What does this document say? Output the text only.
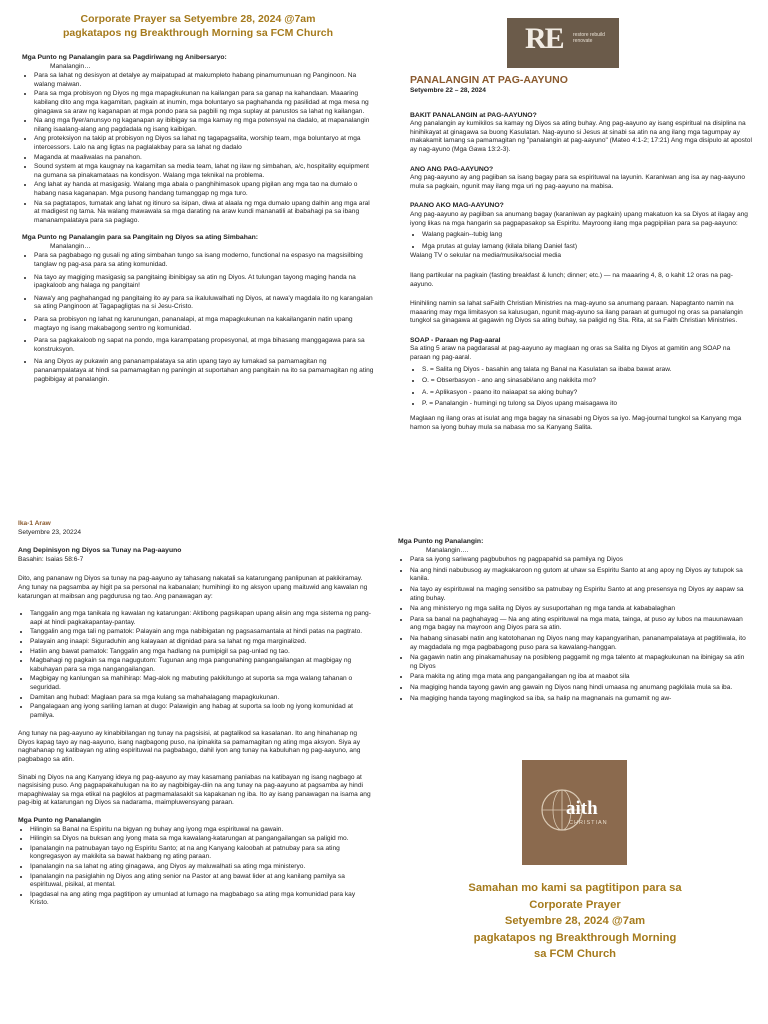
Corporate Prayer sa Setyembre 28, 2024 @7am
pagkatapos ng Breakthrough Morning sa FCM Church
Mga Punto ng Panalangin para sa Pagdiriwang ng Anibersaryo:
Manalangin…
• Para sa lahat ng desisyon at detalye ay maipatupad at makumpleto habang pinamumunuan ng Panginoon. Na walang maiwan.
• Para sa mga probisyon ng Diyos ng mga mapagkukunan na kailangan para sa ganap na kahandaan. Maaaring kabilang dito ang mga kagamitan, pagkain at inumin, mga boluntaryo sa paghahanda ng pasilidad at mga mesa ng ginagawa sa araw ng kaganapan at mga pondo para sa pagbili ng mga suplay at panustos sa lahat ng kailangan.
• Na ang mga flyer/anunsyo ng kaganapan ay ibibigay sa mga kamay ng mga potensyal na dadalo, at mapanalangin nilang isaalang-alang ang pagdadala ng isang kaibigan.
• Ang proteksiyon na takip at probisyon ng Diyos sa lahat ng tagapagsalita, worship team, mga boluntaryo at mga intercessors. Lalo na ang ligtas na paglalakbay para sa lahat ng dadalo
• Maganda at maaliwalas na panahon.
• Sound system at mga kaugnay na kagamitan sa media team, lahat ng ilaw ng simbahan, a/c, hospitality equipment na gumana sa pinakamataas na kondisyon. Walang mga teknikal na problema.
• Ang lahat ay handa at masigasig. Walang mga abala o panghihimasok upang pigilan ang mga tao na dumalo o habang nasa kaganapan. Mga pusong handang tumanggap ng mga turo.
• Na sa pagtatapos, tumatak ang lahat ng itinuro sa isipan, diwa at alaala ng mga dumalo upang dalhin ang mga aral at madigest ng tama. Na walang mawawala sa mga darating na araw kundi mananatili at ibabahagi pa sa ibang mananampalataya para sa paglago.
Mga Punto ng Panalangin para sa Pangitain ng Diyos sa ating Simbahan:
Manalangin…
• Para sa pagbabago ng gusali ng ating simbahan tungo sa isang moderno, functional na espasyo na magsisilbing tanglaw ng pag-asa para sa ating komunidad.
• Na tayo ay magiging masigasig sa pangitaing ibinibigay sa atin ng Diyos. At tulungan tayong maging handa na ipagkaloob ang halaga ng pangitain!
• Nawa'y ang paghahangad ng pangitaing ito ay para sa ikaluluwalhati ng Diyos, at nawa'y magdala ito ng karangalan sa ating Panginoon at Tagapagligtas na si Jesu-Cristo.
• Para sa probisyon ng lahat ng karunungan, pananalapi, at mga mapagkukunan na kakailanganin natin upang magtayo ng isang makabagong sentro ng komunidad.
• Para sa pagkakaloob ng sapat na pondo, mga karampatang propesyonal, at mga bihasang manggagawa para sa konstruksyon.
• Na ang Diyos ay pukawin ang pananampalataya sa atin upang tayo ay lumakad sa pamamagitan ng pananampalataya at hindi sa pamamagitan ng paningin at suportahan ang pangitain na ito sa pamamagitan ng ating pagbibigay at panalangin.
RE restore rebuild renovate
PANALANGIN AT PAG-AAYUNO
Setyembre 22 – 28, 2024
BAKIT PANALANGIN at PAG-AAYUNO?

Ang panalangin ay kumikilos sa kamay ng Diyos sa ating buhay. Ang pag-aayuno ay isang espiritual na disiplina na hinihikayat at ginagawa sa buong Kasulatan. Nag-ayuno si Jesus at sinabi sa atin na ang ilang mga tagumpay ay makakamit lamang sa pamamagitan ng "panalangin at pag-aayuno" (Mateo 4:1-2; 17:21) Ang mga disipulo at apostol ay nag-ayuno (Mga Gawa 13:2-3).

ANO ANG PAG-AAYUNO?

Ang pag-aayuno ay ang pagiiban sa isang bagay para sa espirituwal na layunin. Karaniwan ang isa ay nag-aayuno mula sa pagkain, ngunit may ilang mga uri ng pag-aayuno na mabisa.

PAANO AKO MAG-AAYUNO?

Ang pag-aayuno ay pagiiban sa anumang bagay (karaniwan ay pagkain) upang makatuon ka sa Diyos at ilagay ang iyong likas na mga hangarin sa pagpapasakop sa Espiritu. Mayroong ilang mga pagpipilian para sa pag-aayuno:

• Walang pagkain--tubig lang
• Mga prutas at gulay lamang (kilala bilang Daniel fast)

Walang TV o sekular na media/musika/social media

Ilang partikular na pagkain (fasting breakfast & lunch; dinner; etc.) — na maaaring 4, 8, o kahit 12 oras na pag-aayuno.

Hinihiling namin sa lahat saFaith Christian Ministries na mag-ayuno sa anumang paraan. Napagtanto namin na maaaring may mga limitasyon sa kalusugan, ngunit mag-ayuno sa ilang paraan at gumugol ng oras sa panalangin tungkol sa ginagawa at gagawin ng Diyos sa ating buhay, sa paligid ng Sta. Rita, at sa Faith Christian Ministries.

SOAP - Paraan ng Pag-aaral

Sa ating 5 araw na pagdarasal at pag-aayuno ay maglaan ng oras sa Salita ng Diyos at gamitin ang SOAP na paraan ng pag-aaral.

• S. = Salita ng Diyos - basahin ang talata ng Banal na Kasulatan sa ibaba bawat araw.
• O. = Obserbasyon - ano ang sinasabi/ano ang nakikita mo?
• A. = Aplikasyon - paano ito naiaapat sa aking buhay?
• P. = Panalangin - humingi ng tulong sa Diyos upang maisagawa ito

Maglaan ng ilang oras at isulat ang mga bagay na sinasabi ng Diyos sa iyo. Mag-journal tungkol sa Kanyang mga hamon sa iyong buhay mula sa nabasa mo sa Kanyang Salita.

Ika-1 Araw
Setyembre 23, 20224
Ang Depinisyon ng Diyos sa Tunay na Pag-aayuno

Basahin: Isaias 58:6-7

Dito, ang pananaw ng Diyos sa tunay na pag-aayuno ay tahasang nakatali sa katarungang panlipunan at pakikiramay. Ang tunay na pagsamba ay higit pa sa personal na kabanalan; humihingi ito ng aksyon upang maituwid ang kawalan ng katarungan at maibsan ang pagdurusa ng tao. Ang panawagan ay:

• Tanggalin ang mga tanikala ng kawalan ng katarungan: Aktibong pagsikapan upang alisin ang mga sistema ng pang-aapi at hindi pagkakapantay-pantay.
• Tanggalin ang mga tali ng pamatok: Palayain ang mga nabibigatan ng pagsasamantala at hindi patas na pagtrato.
• Palayain ang inaapi: Siguraduhin ang kalayaan at dignidad para sa lahat ng mga marginalized.
• Hatiin ang bawat pamatok: Tanggalin ang mga hadlang na pumipigil sa pag-unlad ng tao.
• Magbahagi ng pagkain sa mga nagugutom: Tugunan ang mga pangunahing pangangailangan at magbigay ng kabuhayan para sa mga nangangailangan.
• Magbigay ng kanlungan sa mahihirap: Mag-alok ng mabuting pakikitungo at suporta sa mga walang tahanan o seguridad.
• Damitan ang hubad: Maglaan para sa mga kulang sa mahahalagang mapagkukunan.
• Pangalagaan ang iyong sariling laman at dugo: Palawigin ang habag at suporta sa loob ng iyong komunidad at pamilya.

Ang tunay na pag-aayuno ay kinabibilangan ng tunay na pagsisisi, at pagtalikod sa kasalanan. Ito ang hinahanap ng Diyos kapag tayo ay nag-aayuno, isang nagbagong puso, na ipinakita sa pamamagitan ng ating mga aksyon. Siya ay naghahanap ng katibayan ng ating espirituwal na pagbabago, dahil iyon ang tunay na kabuluhan ng pag-aayuno, ang pagbabago sa atin.

Sinabi ng Diyos na ang Kanyang ideya ng pag-aayuno ay may kasamang paniabas na katibayan ng isang nagbago at nagsisising puso. Ang pagpapakahulugan na ito ay nagbibigay-diin na ang tunay na pag-aayuno at pagsamba ay hindi mapaghiwalay sa mga etikal na pagkilos at pagmamalasakit sa kapakanan ng iba. Ito ay isang panawagan na isama ang pag-ibig at katarungan ng Diyos sa nadarama, maimpluwensyang paraan.

Mga Punto ng Panalangin
• Hilingin sa Banal na Espiritu na bigyan ng buhay ang iyong mga espirituwal na gawain.
• Hilingin sa Diyos na buksan ang iyong mata sa mga kawalang-katarungan at pangangailangan sa paligid mo.
• Ipanalangin na patnubayan tayo ng Espiritu Santo; at na ang Kanyang kaloobah at patnubay para sa ating kongregasyon ay makikita sa bawat hakbang ng ating paraan.
• Ipanalangin na sa lahat ng ating ginagawa, ang Diyos ay maluwalhati sa ating mga ministeryo.
• Ipanalangin na pasiglahin ng Diyos ang ating senior na Pastor at ang bawat lider at ang kanilang pamilya sa espirituwal, pisikal, at mental.
• Ipagdasal na ang ating mga pagtitipon ay umunlad at lumago na magbabago sa ating mga komunidad para kay Kristo.
Mga Punto ng Panalangin:
Manalangin….
• Para sa iyong sariwang pagbubuhos ng pagpapahid sa pamilya ng Diyos
• Na ang hindi nabubusog ay magkakaroon ng gutom at uhaw sa Espiritu Santo at ang apoy ng Diyos ay tutupok sa kanila.
• Na tayo ay espirituwal na maging sensitibo sa patnubay ng Espiritu Santo at ang presensya ng Diyos ay aapaw sa ating buhay.
• Na ang ministeryo ng mga salita ng Diyos ay susuportahan ng mga tanda at kababalaghan
• Para sa banal na paghahayag — Na ang ating espirituwal na mga mata, tainga, at puso ay lubos na mauunawaan ang mga bagay na mayroon ang Diyos para sa atin.
• Na habang sinasabi natin ang katotohanan ng Diyos nang may kapangyarihan, pananampalataya at pagtitiwala, ito ay magdadala ng mga pagbabagong puso para sa kawalang-hanggan.
• Na gagawin natin ang pinakamahusay na posibleng paggamit ng mga talento at mapagkukunan na ibinigay sa atin ng Diyos
• Para makita ng ating mga mata ang pangangailangan ng iba at maabot sila
• Na magiging handa tayong gawin ang gawain ng Diyos nang hindi umaasa ng anumang pagkilala mula sa iba.
• Na magiging handa tayong maglingkod sa iba, sa halip na magnanais na gumamit ng aw-
aith
CHRISTIAN
Samahan mo kami sa pagtitipon para sa
Corporate Prayer
Setyembre 28, 2024 @7am
pagkatapos ng Breakthrough Morning
sa FCM Church
